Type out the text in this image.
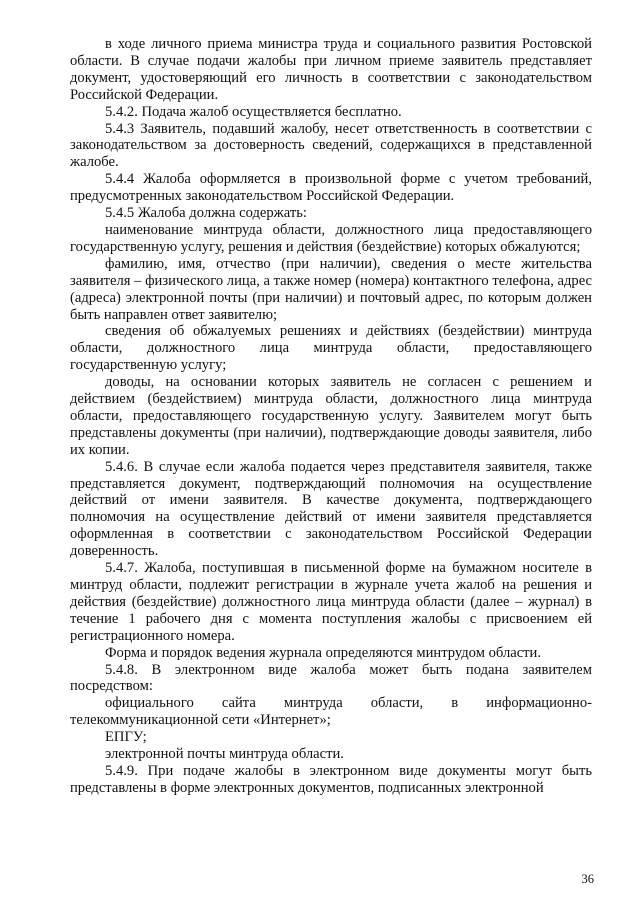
в ходе личного приема министра труда и социального развития Ростовской области. В случае подачи жалобы при личном приеме заявитель представляет документ, удостоверяющий его личность в соответствии с законодательством Российской Федерации.

5.4.2. Подача жалоб осуществляется бесплатно.

5.4.3 Заявитель, подавший жалобу, несет ответственность в соответствии с законодательством за достоверность сведений, содержащихся в представленной жалобе.

5.4.4 Жалоба оформляется в произвольной форме с учетом требований, предусмотренных законодательством Российской Федерации.

5.4.5 Жалоба должна содержать:

наименование минтруда области, должностного лица предоставляющего государственную услугу, решения и действия (бездействие) которых обжалуются;

фамилию, имя, отчество (при наличии), сведения о месте жительства заявителя – физического лица, а также номер (номера) контактного телефона, адрес (адреса) электронной почты (при наличии) и почтовый адрес, по которым должен быть направлен ответ заявителю;

сведения об обжалуемых решениях и действиях (бездействии) минтруда области, должностного лица минтруда области, предоставляющего государственную услугу;

доводы, на основании которых заявитель не согласен с решением и действием (бездействием) минтруда области, должностного лица минтруда области, предоставляющего государственную услугу. Заявителем могут быть представлены документы (при наличии), подтверждающие доводы заявителя, либо их копии.

5.4.6. В случае если жалоба подается через представителя заявителя, также представляется документ, подтверждающий полномочия на осуществление действий от имени заявителя. В качестве документа, подтверждающего полномочия на осуществление действий от имени заявителя представляется оформленная в соответствии с законодательством Российской Федерации доверенность.

5.4.7. Жалоба, поступившая в письменной форме на бумажном носителе в минтруд области, подлежит регистрации в журнале учета жалоб на решения и действия (бездействие) должностного лица минтруда области (далее – журнал) в течение 1 рабочего дня с момента поступления жалобы с присвоением ей регистрационного номера.

Форма и порядок ведения журнала определяются минтрудом области.

5.4.8. В электронном виде жалоба может быть подана заявителем посредством:

официального сайта минтруда области, в информационно-телекоммуникационной сети «Интернет»;

ЕПГУ;

электронной почты минтруда области.

5.4.9. При подаче жалобы в электронном виде документы могут быть представлены в форме электронных документов, подписанных электронной

36
